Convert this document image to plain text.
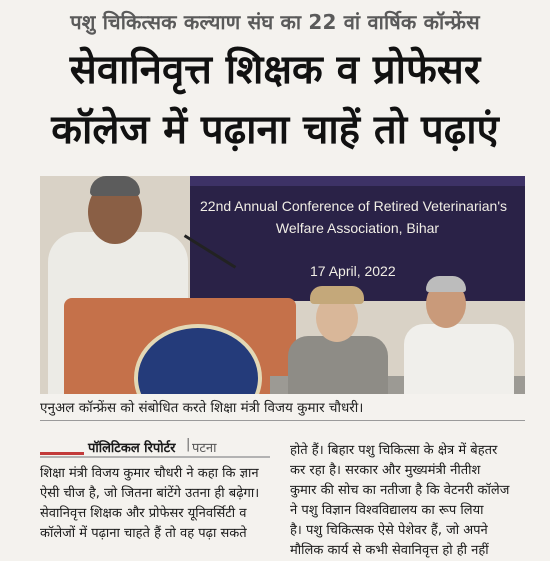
पशु चिकित्सक कल्याण संघ का 22 वां वार्षिक कॉन्फ्रेंस
सेवानिवृत्त शिक्षक व प्रोफेसर
कॉलेज में पढ़ाना चाहें तो पढ़ाएं
22nd Annual Conference of Retired Veterinarian's
Welfare Association, Bihar
17 April, 2022
एनुअल कॉन्फ्रेंस को संबोधित करते शिक्षा मंत्री विजय कुमार चौधरी।
पॉलिटिकल रिपोर्टर | पटना
शिक्षा मंत्री विजय कुमार चौधरी ने कहा कि ज्ञान
ऐसी चीज है, जो जितना बांटेंगे उतना ही बढ़ेगा।
सेवानिवृत्त शिक्षक और प्रोफेसर यूनिवर्सिटी व
कॉलेजों में पढ़ाना चाहते हैं तो वह पढ़ा सकते
होते हैं। बिहार पशु चिकित्सा के क्षेत्र में बेहतर
कर रहा है। सरकार और मुख्यमंत्री नीतीश
कुमार की सोच का नतीजा है कि वेटनरी कॉलेज
ने पशु विज्ञान विश्वविद्यालय का रूप लिया
है। पशु चिकित्सक ऐसे पेशेवर हैं, जो अपने
मौलिक कार्य से कभी सेवानिवृत्त हो ही नहीं
